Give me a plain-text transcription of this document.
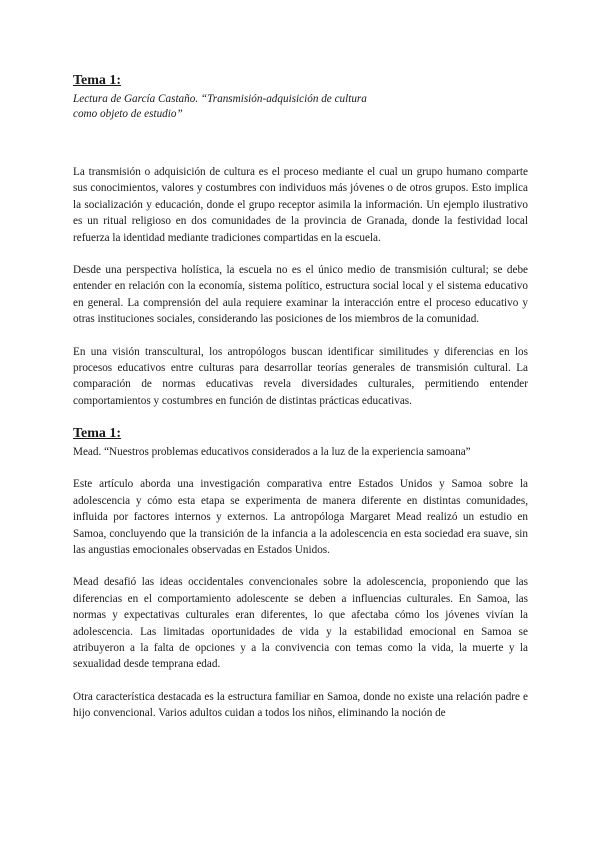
Tema 1:
Lectura de García Castaño. “Transmisión-adquisición de cultura
como objeto de estudio”

La transmisión o adquisición de cultura es el proceso mediante el cual un grupo humano comparte sus conocimientos, valores y costumbres con individuos más jóvenes o de otros grupos. Esto implica la socialización y educación, donde el grupo receptor asimila la información. Un ejemplo ilustrativo es un ritual religioso en dos comunidades de la provincia de Granada, donde la festividad local refuerza la identidad mediante tradiciones compartidas en la escuela.

Desde una perspectiva holística, la escuela no es el único medio de transmisión cultural; se debe entender en relación con la economía, sistema político, estructura social local y el sistema educativo en general. La comprensión del aula requiere examinar la interacción entre el proceso educativo y otras instituciones sociales, considerando las posiciones de los miembros de la comunidad.

En una visión transcultural, los antropólogos buscan identificar similitudes y diferencias en los procesos educativos entre culturas para desarrollar teorías generales de transmisión cultural. La comparación de normas educativas revela diversidades culturales, permitiendo entender comportamientos y costumbres en función de distintas prácticas educativas.

Tema 1:
Mead. “Nuestros problemas educativos considerados a la luz de la experiencia samoana”

Este artículo aborda una investigación comparativa entre Estados Unidos y Samoa sobre la adolescencia y cómo esta etapa se experimenta de manera diferente en distintas comunidades, influida por factores internos y externos. La antropóloga Margaret Mead realizó un estudio en Samoa, concluyendo que la transición de la infancia a la adolescencia en esta sociedad era suave, sin las angustias emocionales observadas en Estados Unidos.

Mead desafió las ideas occidentales convencionales sobre la adolescencia, proponiendo que las diferencias en el comportamiento adolescente se deben a influencias culturales. En Samoa, las normas y expectativas culturales eran diferentes, lo que afectaba cómo los jóvenes vivían la adolescencia. Las limitadas oportunidades de vida y la estabilidad emocional en Samoa se atribuyeron a la falta de opciones y a la convivencia con temas como la vida, la muerte y la sexualidad desde temprana edad.

Otra característica destacada es la estructura familiar en Samoa, donde no existe una relación padre e hijo convencional. Varios adultos cuidan a todos los niños, eliminando la noción de
